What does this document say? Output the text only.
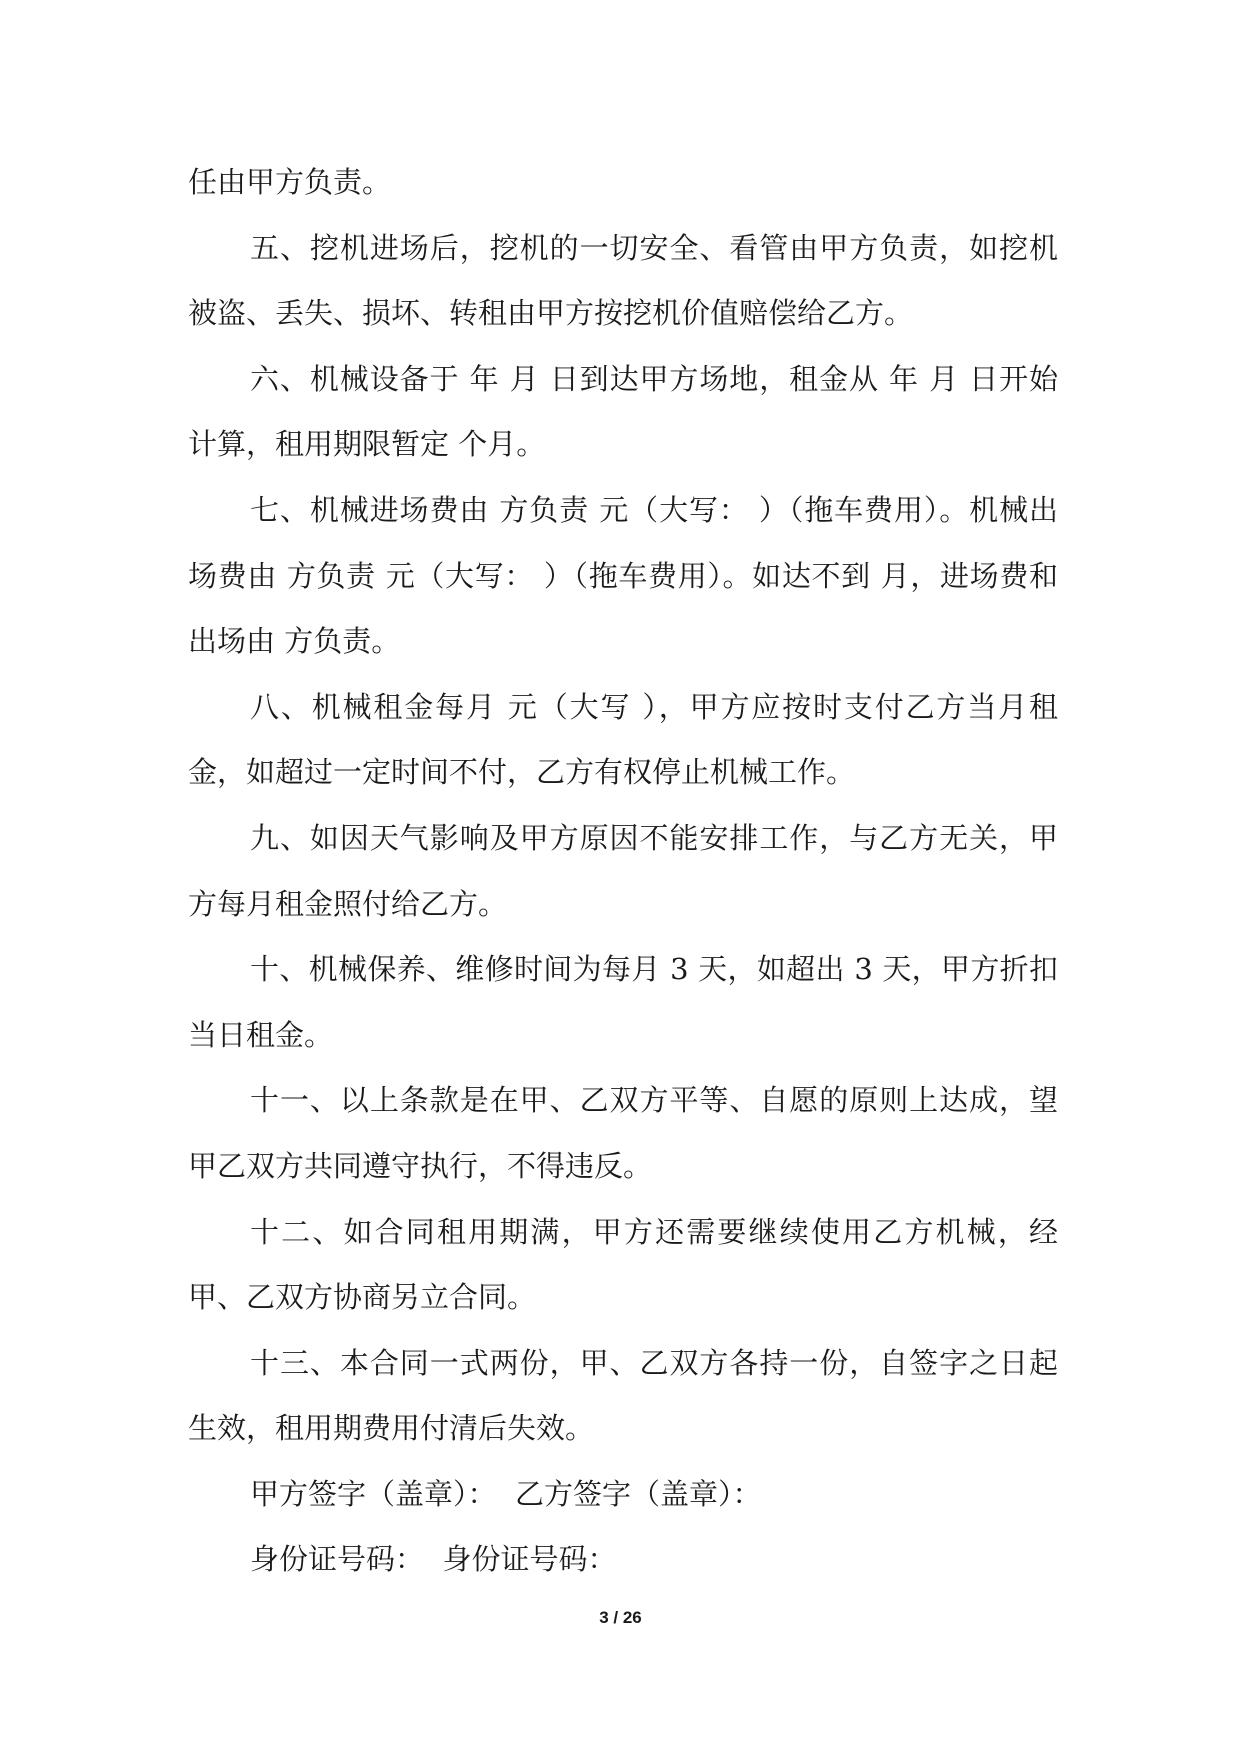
任由甲方负责。

五、挖机进场后，挖机的一切安全、看管由甲方负责，如挖机被盗、丢失、损坏、转租由甲方按挖机价值赔偿给乙方。

六、机械设备于 年 月 日到达甲方场地，租金从 年 月 日开始计算，租用期限暂定 个月。

七、机械进场费由 方负责 元（大写： ）（拖车费用）。机械出场费由 方负责 元（大写： ）（拖车费用）。如达不到 月，进场费和出场由 方负责。

八、机械租金每月 元（大写 ），甲方应按时支付乙方当月租金，如超过一定时间不付，乙方有权停止机械工作。

九、如因天气影响及甲方原因不能安排工作，与乙方无关，甲方每月租金照付给乙方。

十、机械保养、维修时间为每月 3 天，如超出 3 天，甲方折扣当日租金。

十一、以上条款是在甲、乙双方平等、自愿的原则上达成，望甲乙双方共同遵守执行，不得违反。

十二、如合同租用期满，甲方还需要继续使用乙方机械，经甲、乙双方协商另立合同。

十三、本合同一式两份，甲、乙双方各持一份，自签字之日起生效，租用期费用付清后失效。

甲方签字（盖章）： 乙方签字（盖章）：
身份证号码： 身份证号码：
3 / 26
